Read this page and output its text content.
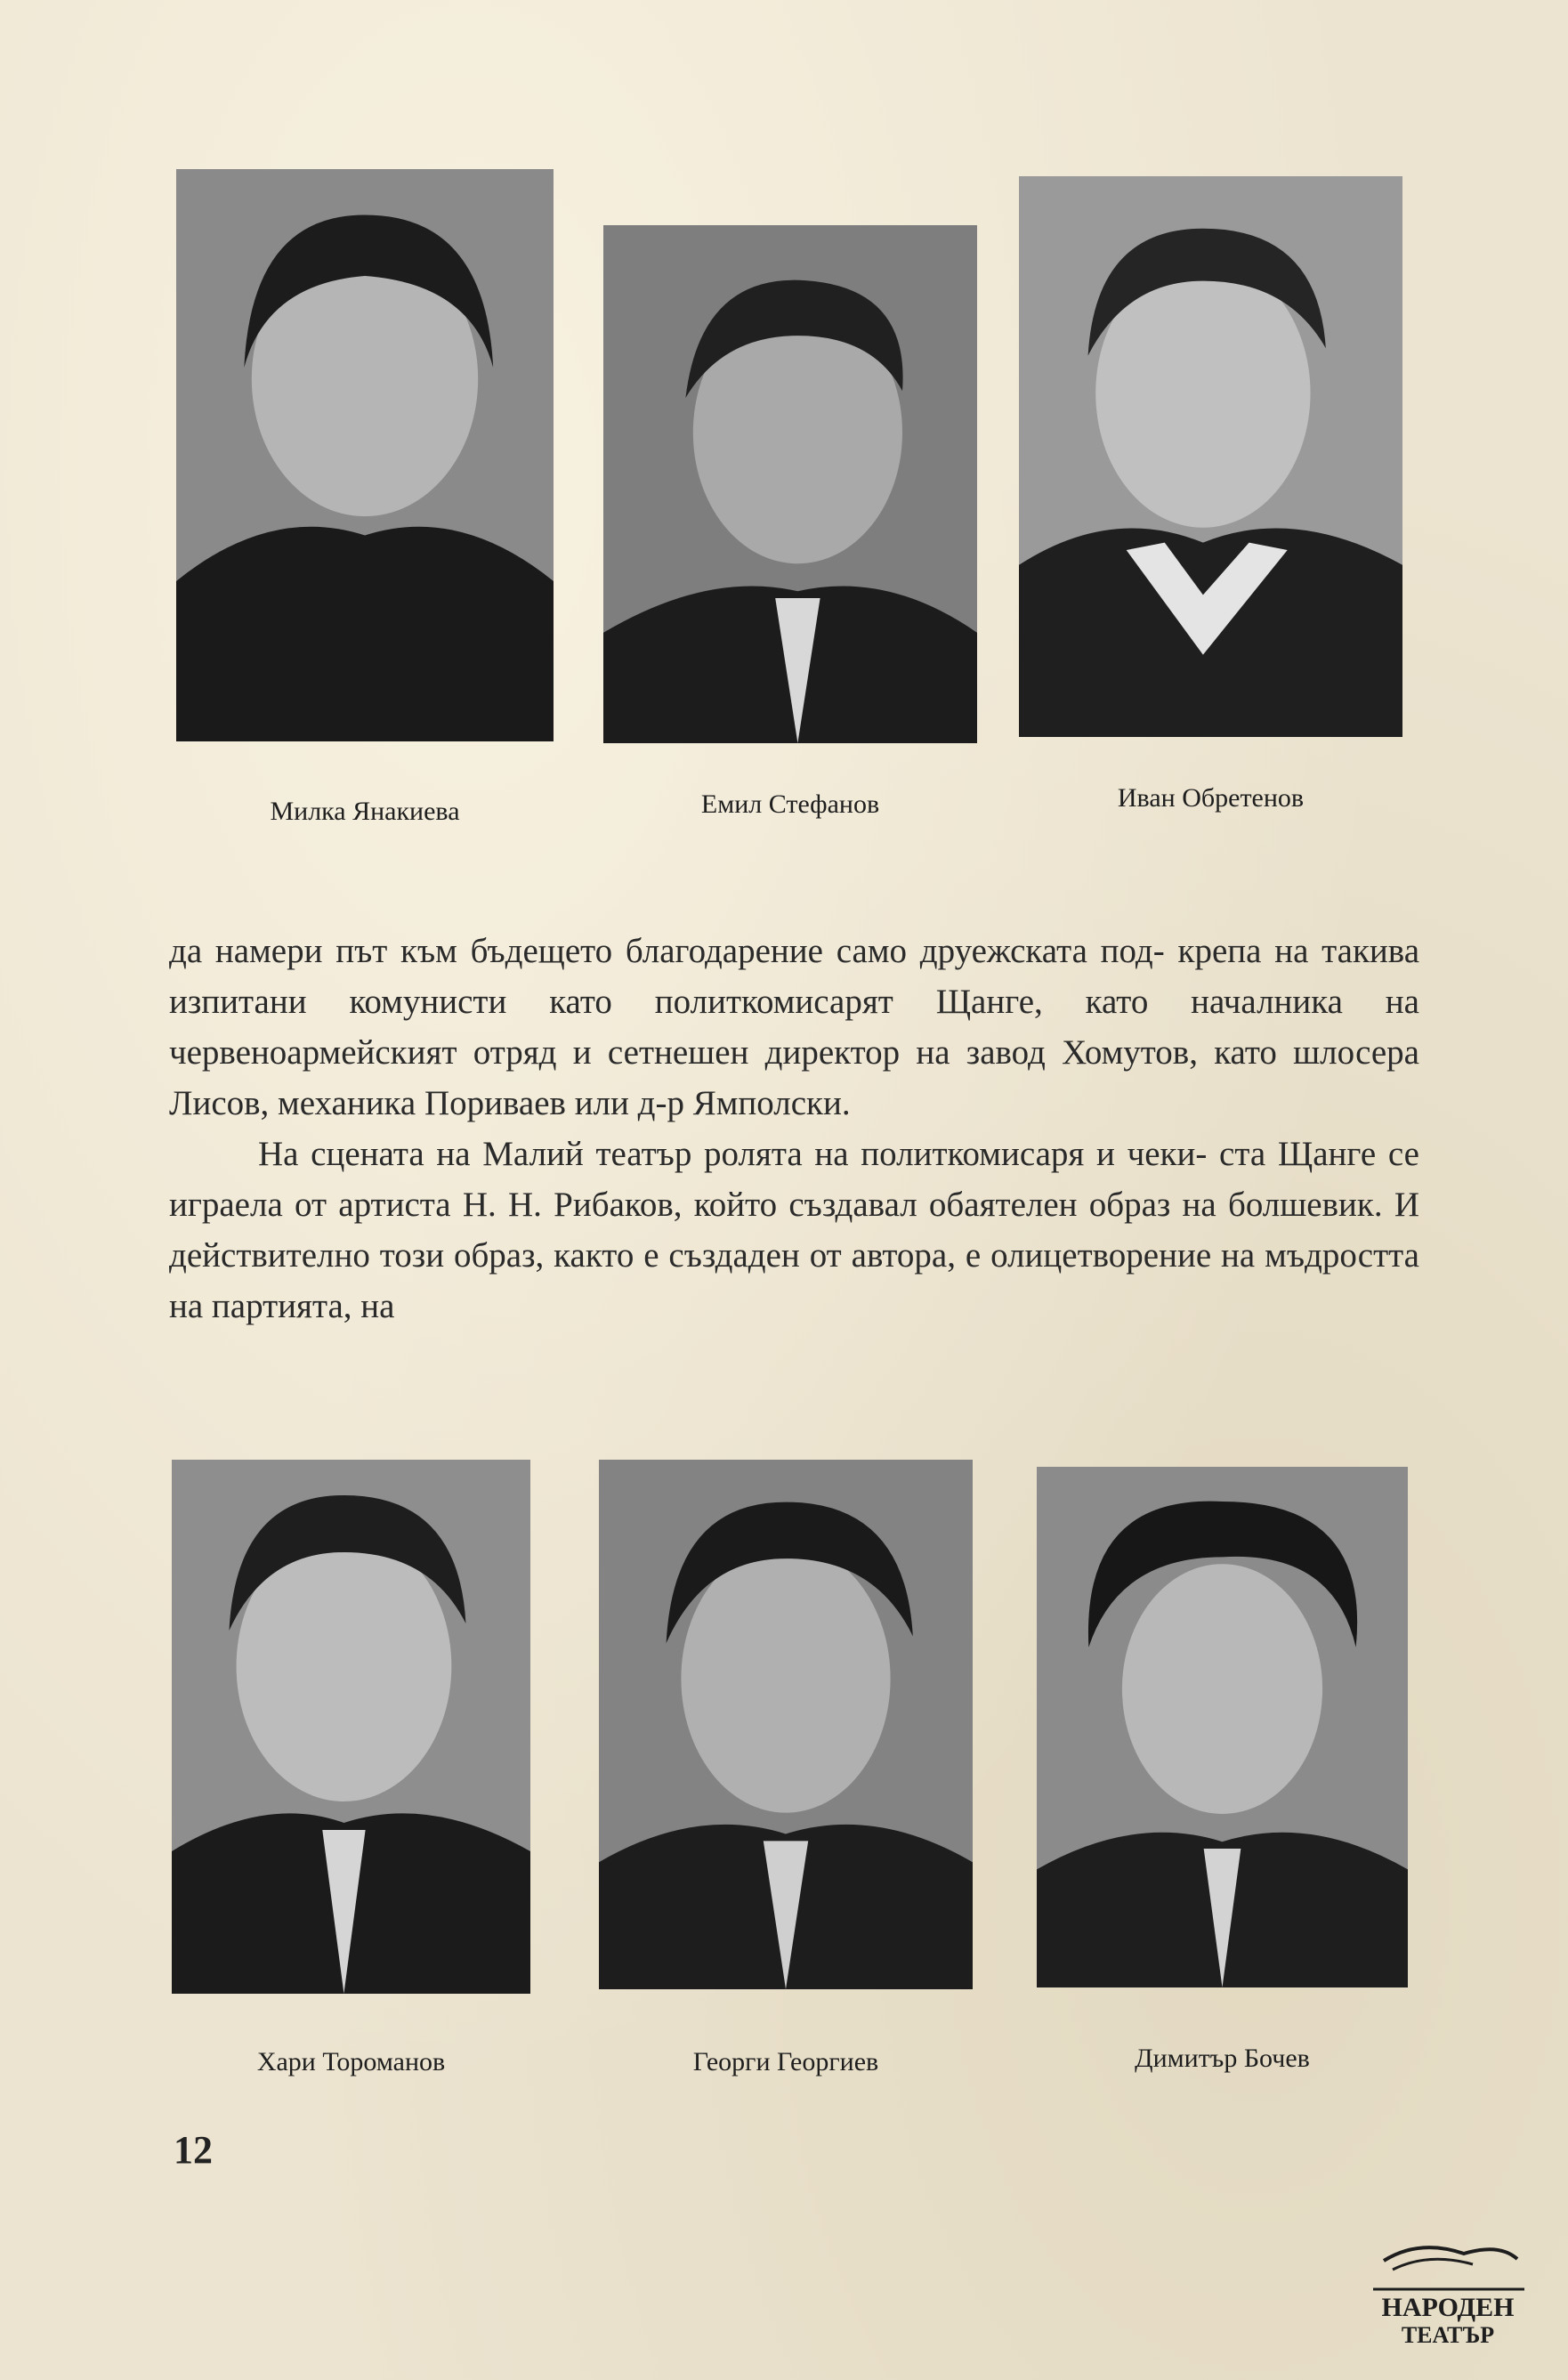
Милка Янакиева	Емил Стефанов	Иван Обретенов

да намери път към бъдещето благодарение само друежската под- крепа на такива изпитани комунисти като политкомисарят Щанге, като началника на червеноармейският отряд и сетнешен директор на завод Хомутов, като шлосера Лисов, механика Пориваев или д-р Ямполски.

На сцената на Малий театър ролята на политкомисаря и чеки- ста Щанге се играела от артиста Н. Н. Рибаков, който създавал обаятелен образ на болшевик. И действително този образ, както е създаден от автора, е олицетворение на мъдростта на партията, на

Хари Тороманов	Георги Георгиев	Димитър Бочев
12
НАРОДЕН
ТЕАТЪР
